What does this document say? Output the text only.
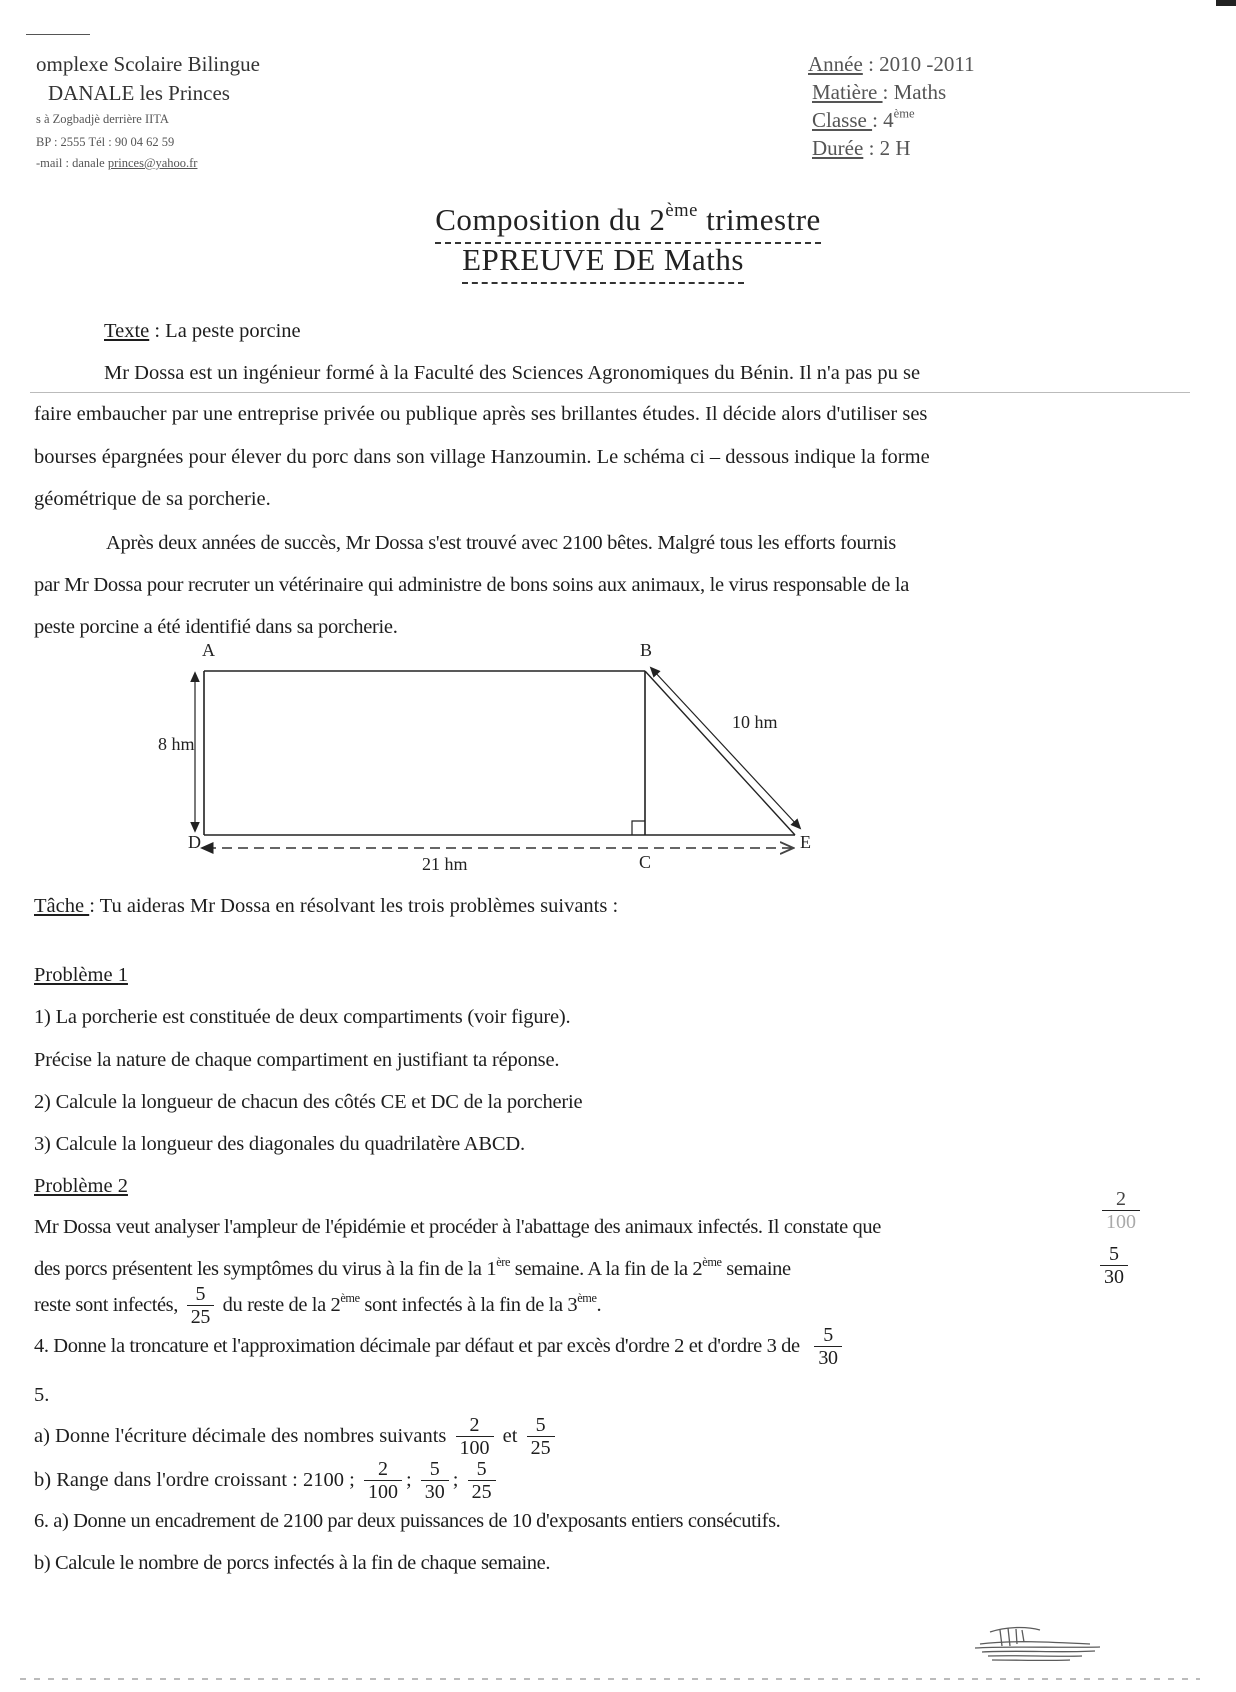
omplexe Scolaire Bilingue
DANALE les Princes
s à Zogbadjè derrière IITA
BP : 2555 Tél : 90 04 62 59
-mail : danale princes@yahoo.fr
Année : 2010 -2011
Matière : Maths
Classe : 4ème
Durée : 2 H
Composition du 2ème trimestre
EPREUVE DE Maths
Texte : La peste porcine
Mr Dossa est un ingénieur formé à la Faculté des Sciences Agronomiques du Bénin. Il n'a pas pu se
faire embaucher par une entreprise privée ou publique après ses brillantes études. Il décide alors d'utiliser ses
bourses épargnées pour élever du porc dans son village Hanzoumin. Le schéma ci – dessous indique la forme
géométrique de sa porcherie.
Après deux années de succès, Mr Dossa s'est trouvé avec 2100 bêtes. Malgré tous les efforts fournis
par Mr Dossa pour recruter un vétérinaire qui administre de bons soins aux animaux, le virus responsable de la
peste porcine a été identifié dans sa porcherie.
A	B
C
D	E
8 hm
21 hm
10 hm
Tâche : Tu aideras Mr Dossa en résolvant les trois problèmes suivants :
Problème 1
1) La porcherie est constituée de deux compartiments (voir figure).
Précise la nature de chaque compartiment en justifiant ta réponse.
2) Calcule la longueur de chacun des côtés CE et DC de la porcherie
3) Calcule la longueur des diagonales du quadrilatère ABCD.
Problème 2
Mr Dossa veut analyser l'ampleur de l'épidémie et procéder à l'abattage des animaux infectés. Il constate que	$\frac{2}{100}$
des porcs présentent les symptômes du virus à la fin de la 1ère semaine. A la fin de la 2ème semaine	$\frac{5}{30}$
reste sont infectés, $\frac{5}{25}$ du reste de la 2ème sont infectés à la fin de la 3ème.
4. Donne la troncature et l'approximation décimale par défaut et par excès d'ordre 2 et d'ordre 3 de $\frac{5}{30}$
5.
a) Donne l'écriture décimale des nombres suivants $\frac{2}{100}$ et $\frac{5}{25}$
b) Range dans l'ordre croissant : 2100 ; $\frac{2}{100}$ ; $\frac{5}{30}$ ; $\frac{5}{25}$
6. a) Donne un encadrement de 2100 par deux puissances de 10 d'exposants entiers consécutifs.
b) Calcule le nombre de porcs infectés à la fin de chaque semaine.
